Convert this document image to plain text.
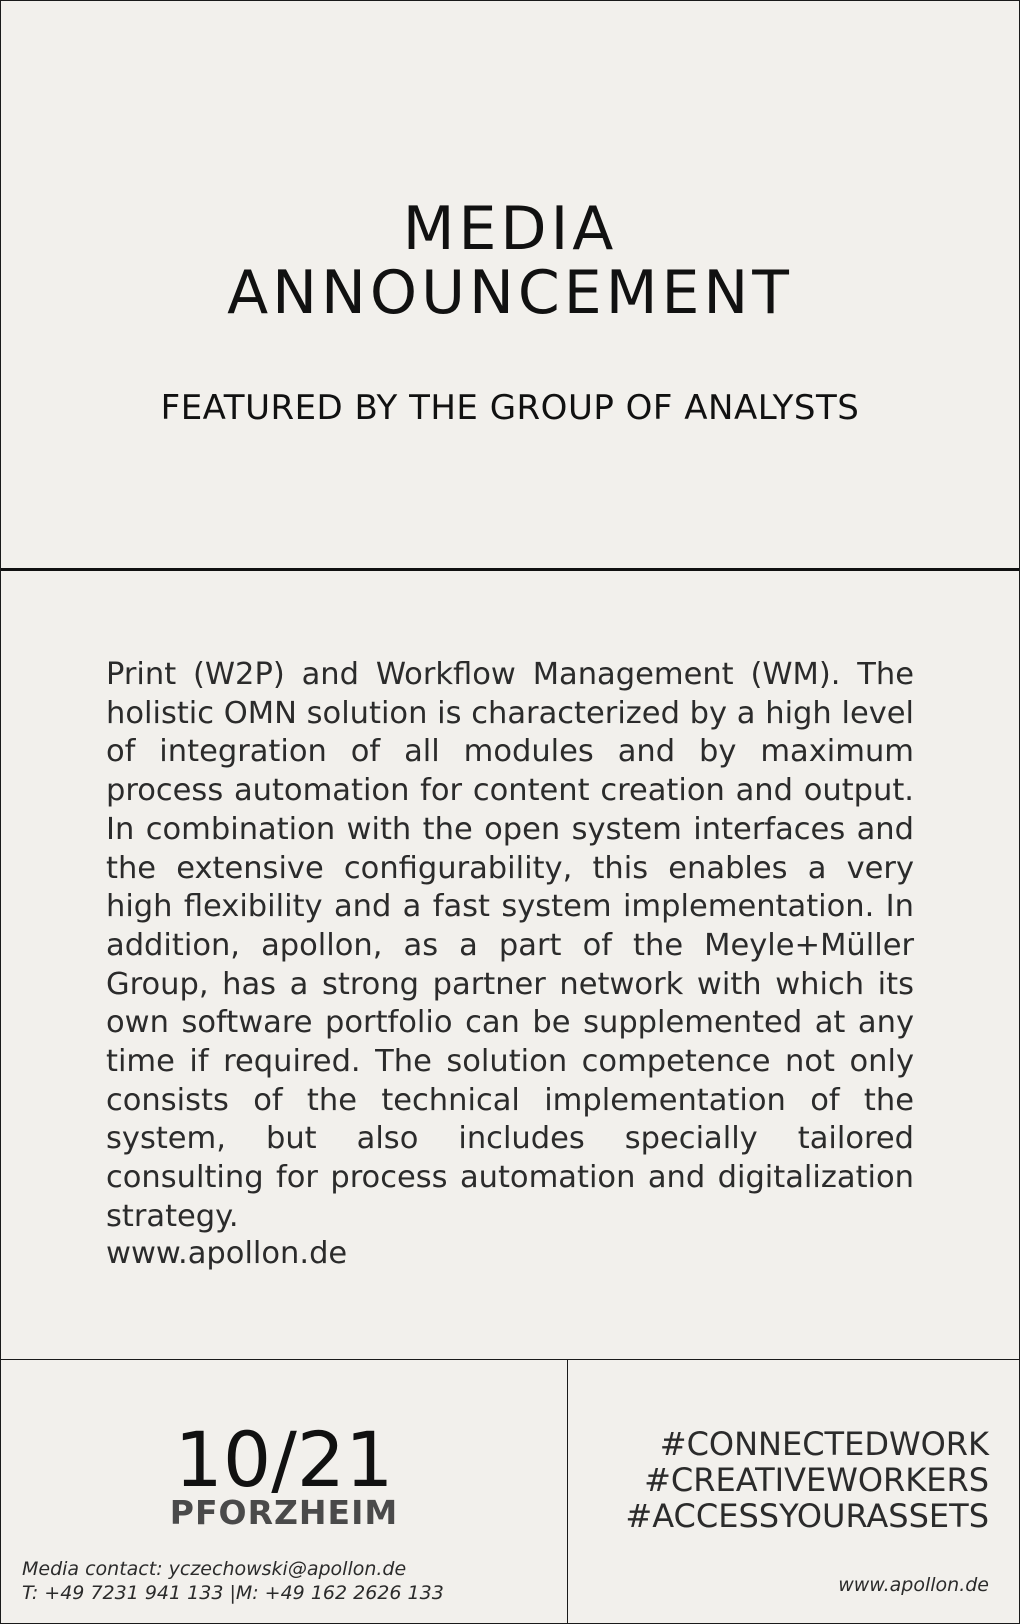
MEDIA
ANNOUNCEMENT

FEATURED BY THE GROUP OF ANALYSTS

Print (W2P) and Workflow Management (WM). The holistic OMN solution is characterized by a high level of integration of all modules and by maximum process automation for content creation and output. In combination with the open system interfaces and the extensive configurability, this enables a very high flexibility and a fast system implementation. In addition, apollon, as a part of the Meyle+Müller Group, has a strong partner network with which its own software portfolio can be supplemented at any time if required. The solution competence not only consists of the technical implementation of the system, but also includes specially tailored consulting for process automation and digitalization strategy.

www.apollon.de
10/21
PFORZHEIM
Media contact: yczechowski@apollon.de
T: +49 7231 941 133 |M: +49 162 2626 133
#CONNECTEDWORK
#CREATIVEWORKERS
#ACCESSYOURASSETS
www.apollon.de
